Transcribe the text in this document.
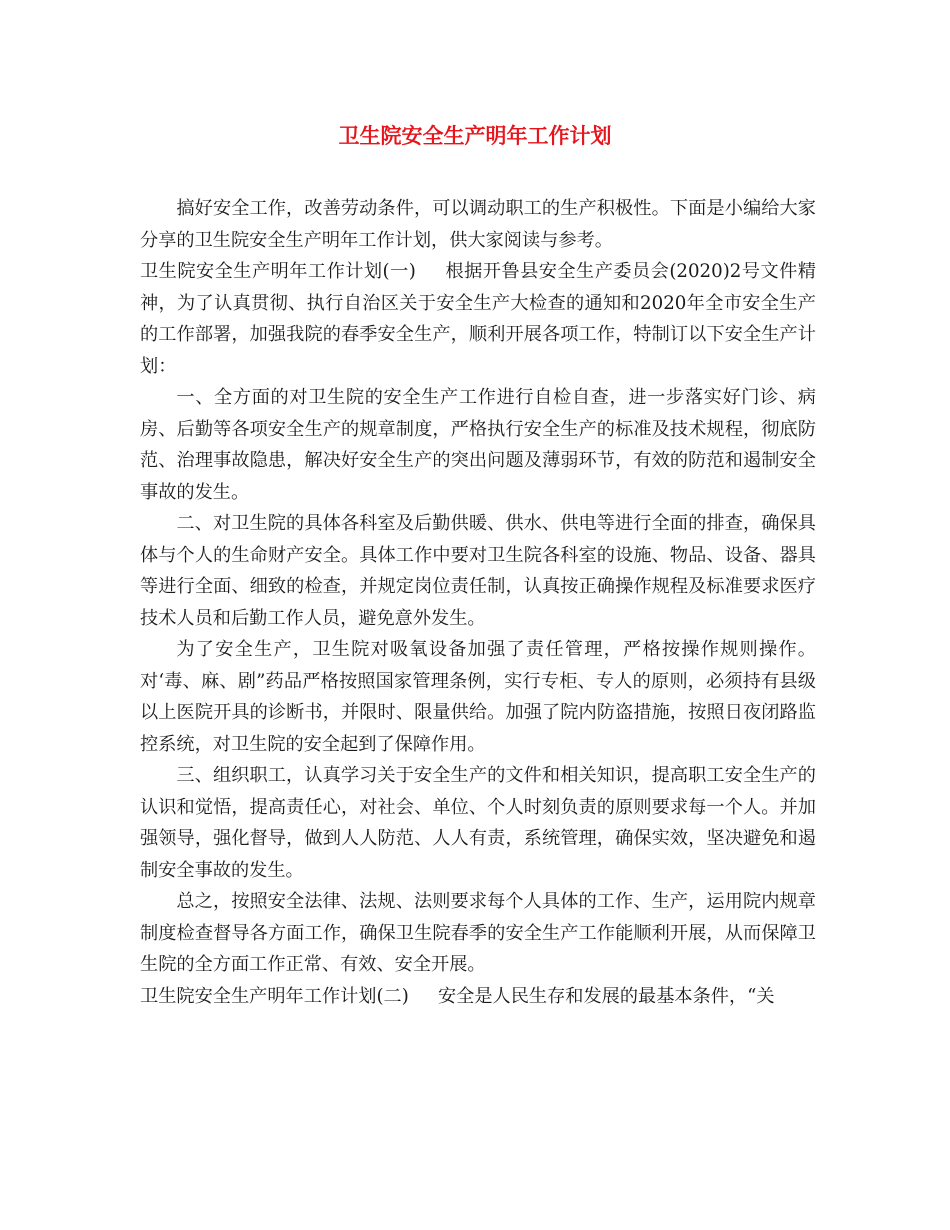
卫生院安全生产明年工作计划

搞好安全工作，改善劳动条件，可以调动职工的生产积极性。下面是小编给大家分享的卫生院安全生产明年工作计划，供大家阅读与参考。

卫生院安全生产明年工作计划(一) 根据开鲁县安全生产委员会(2020)2号文件精神，为了认真贯彻、执行自治区关于安全生产大检查的通知和2020年全市安全生产的工作部署，加强我院的春季安全生产，顺利开展各项工作，特制订以下安全生产计划：

一、全方面的对卫生院的安全生产工作进行自检自查，进一步落实好门诊、病房、后勤等各项安全生产的规章制度，严格执行安全生产的标准及技术规程，彻底防范、治理事故隐患，解决好安全生产的突出问题及薄弱环节，有效的防范和遏制安全事故的发生。

二、对卫生院的具体各科室及后勤供暖、供水、供电等进行全面的排查，确保具体与个人的生命财产安全。具体工作中要对卫生院各科室的设施、物品、设备、器具等进行全面、细致的检查，并规定岗位责任制，认真按正确操作规程及标准要求医疗技术人员和后勤工作人员，避免意外发生。

为了安全生产，卫生院对吸氧设备加强了责任管理，严格按操作规则操作。对‘毒、麻、剧”药品严格按照国家管理条例，实行专柜、专人的原则，必须持有县级以上医院开具的诊断书，并限时、限量供给。加强了院内防盗措施，按照日夜闭路监控系统，对卫生院的安全起到了保障作用。

三、组织职工，认真学习关于安全生产的文件和相关知识，提高职工安全生产的认识和觉悟，提高责任心，对社会、单位、个人时刻负责的原则要求每一个人。并加强领导，强化督导，做到人人防范、人人有责，系统管理，确保实效，坚决避免和遏制安全事故的发生。

总之，按照安全法律、法规、法则要求每个人具体的工作、生产，运用院内规章制度检查督导各方面工作，确保卫生院春季的安全生产工作能顺利开展，从而保障卫生院的全方面工作正常、有效、安全开展。

卫生院安全生产明年工作计划(二) 安全是人民生存和发展的最基本条件，“关
